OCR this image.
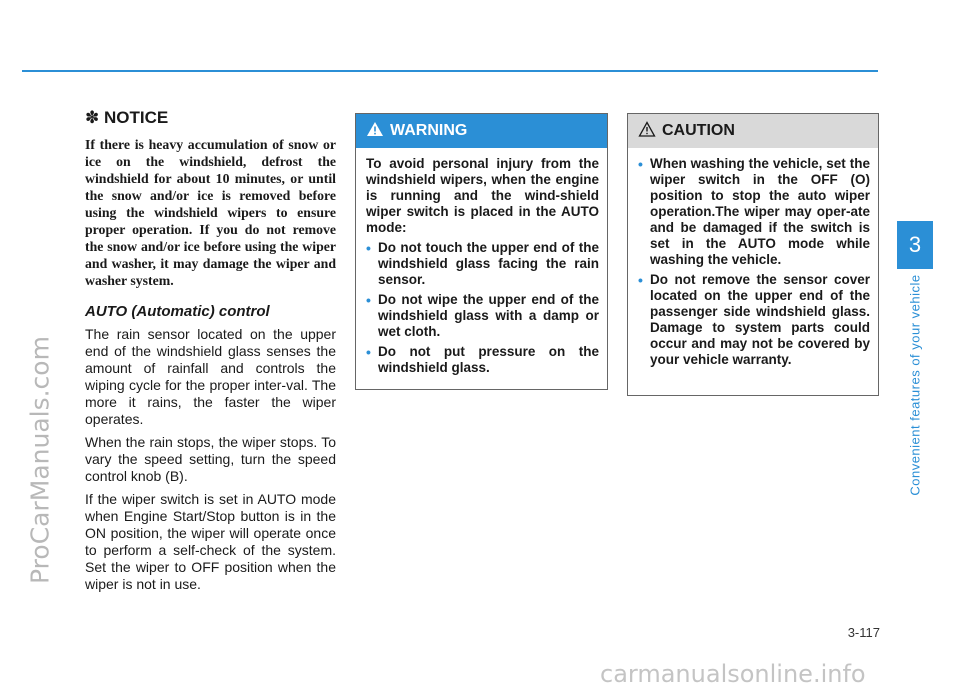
ProCarManuals.com
✽ NOTICE

If there is heavy accumulation of snow or ice on the windshield, defrost the windshield for about 10 minutes, or until the snow and/or ice is removed before using the windshield wipers to ensure proper operation. If you do not remove the snow and/or ice before using the wiper and washer, it may damage the wiper and washer system.

AUTO (Automatic) control

The rain sensor located on the upper end of the windshield glass senses the amount of rainfall and controls the wiping cycle for the proper inter-val. The more it rains, the faster the wiper operates.

When the rain stops, the wiper stops. To vary the speed setting, turn the speed control knob (B).

If the wiper switch is set in AUTO mode when Engine Start/Stop button is in the ON position, the wiper will operate once to perform a self-check of the system. Set the wiper to OFF position when the wiper is not in use.

WARNING

To avoid personal injury from the windshield wipers, when the engine is running and the wind-shield wiper switch is placed in the AUTO mode:

• Do not touch the upper end of the windshield glass facing the rain sensor.
• Do not wipe the upper end of the windshield glass with a damp or wet cloth.
• Do not put pressure on the windshield glass.
CAUTION
• When washing the vehicle, set the wiper switch in the OFF (O) position to stop the auto wiper operation.The wiper may oper-ate and be damaged if the switch is set in the AUTO mode while washing the vehicle.
• Do not remove the sensor cover located on the upper end of the passenger side windshield glass. Damage to system parts could occur and may not be covered by your vehicle warranty.
3
Convenient features of your vehicle
3-117
carmanualsonline.info
